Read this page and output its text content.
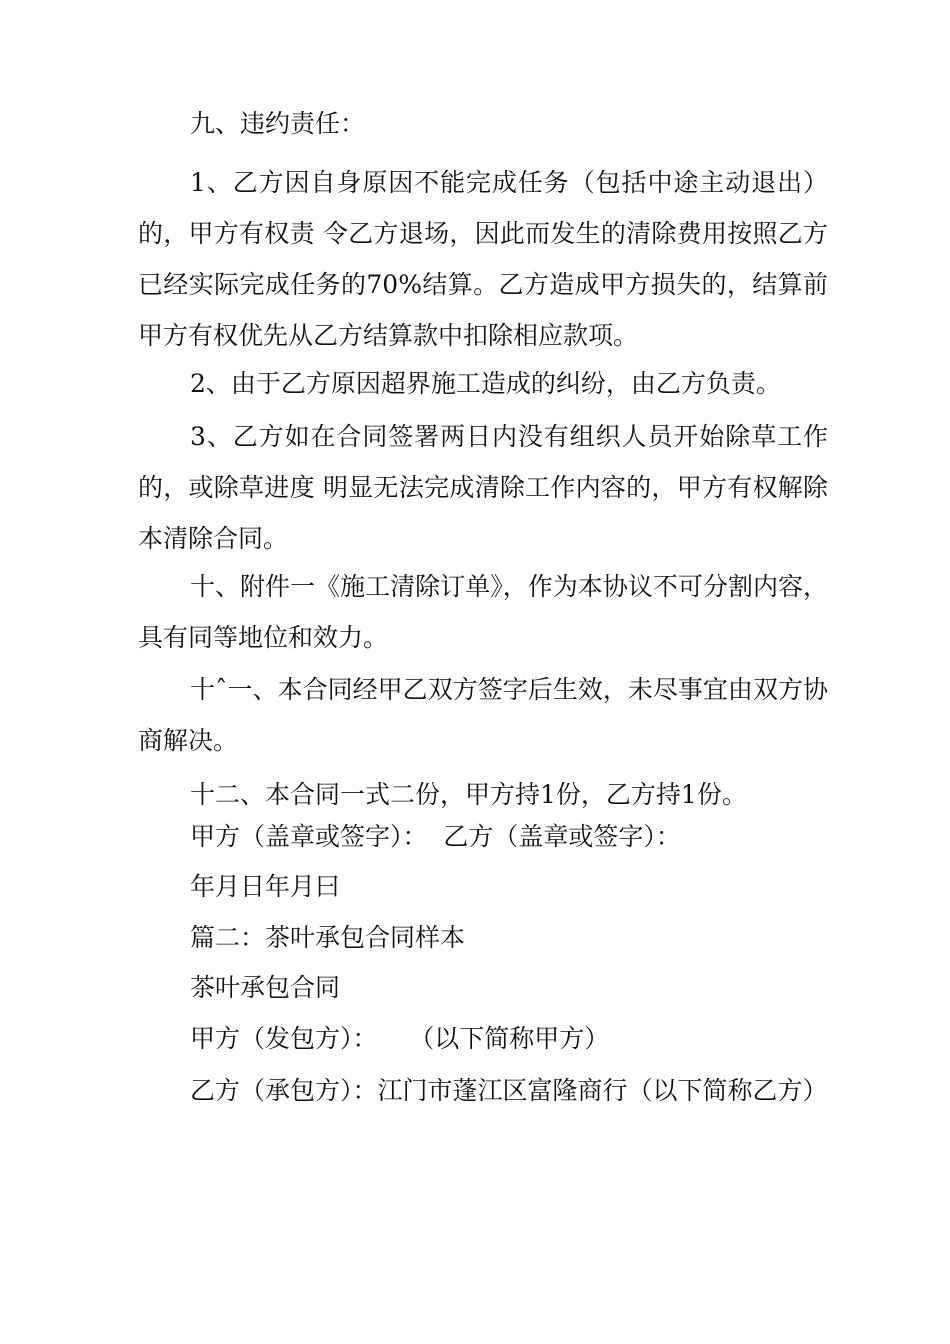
九、违约责任：

1、乙方因自身原因不能完成任务（包括中途主动退出）的，甲方有权责 令乙方退场，因此而发生的清除费用按照乙方已经实际完成任务的70%结算。乙方造成甲方损失的，结算前甲方有权优先从乙方结算款中扣除相应款项。

2、由于乙方原因超界施工造成的纠纷，由乙方负责。

3、乙方如在合同签署两日内没有组织人员开始除草工作的，或除草进度 明显无法完成清除工作内容的，甲方有权解除本清除合同。

十、附件一《施工清除订单》，作为本协议不可分割内容，具有同等地位和效力。

十ˆ一、本合同经甲乙双方签字后生效，未尽事宜由双方协商解决。

十二、本合同一式二份，甲方持1份，乙方持1份。

甲方（盖章或签字）：  乙方（盖章或签字）：

年月日年月曰

篇二：茶叶承包合同样本

茶叶承包合同

甲方（发包方）：    （以下简称甲方）

乙方（承包方）：江门市蓬江区富隆商行（以下简称乙方）
